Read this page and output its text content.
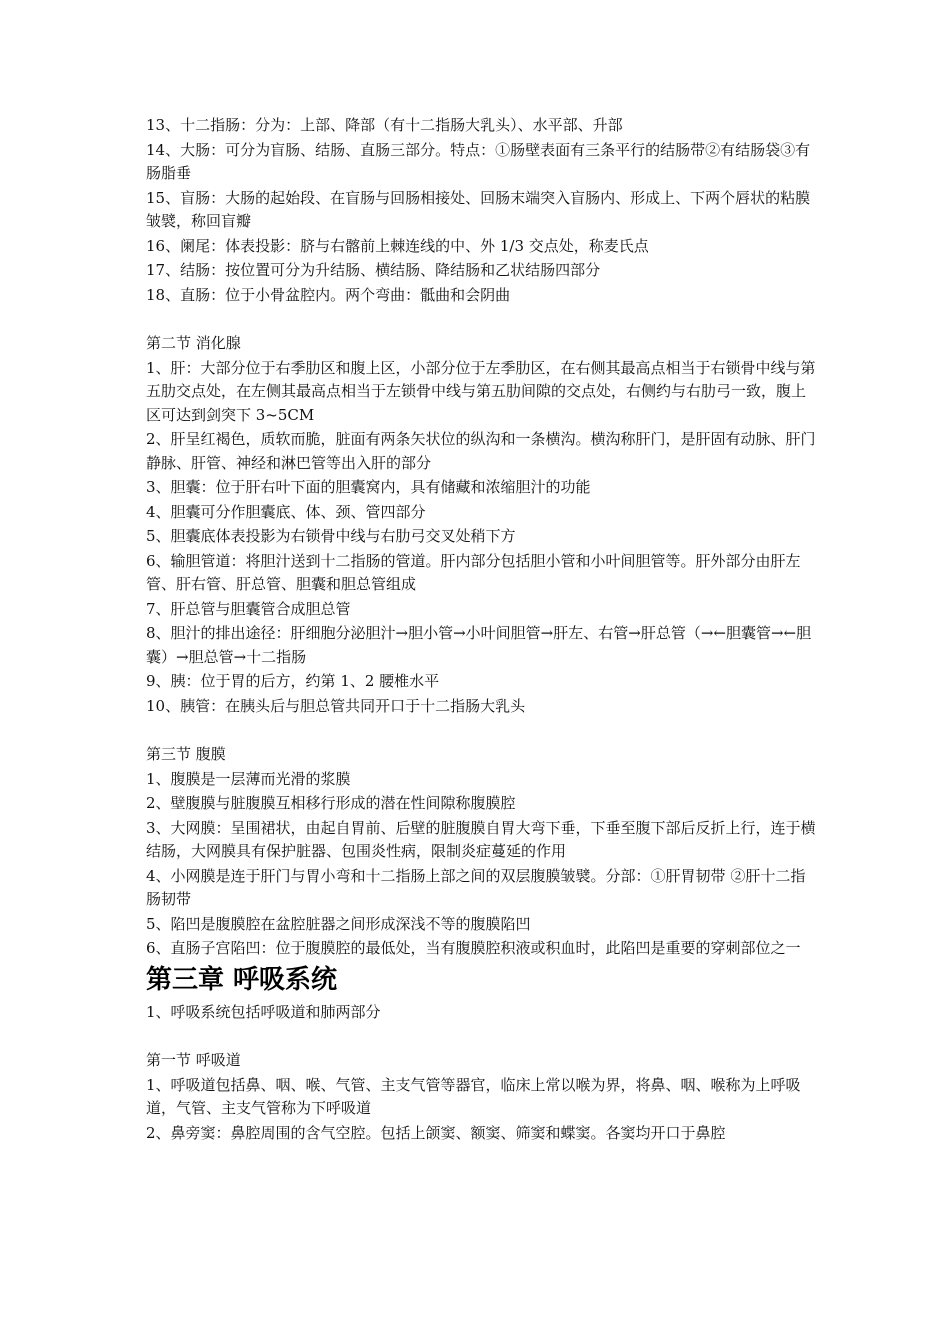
13、十二指肠：分为：上部、降部（有十二指肠大乳头）、水平部、升部

14、大肠：可分为盲肠、结肠、直肠三部分。特点：①肠壁表面有三条平行的结肠带②有结肠袋③有肠脂垂

15、盲肠：大肠的起始段、在盲肠与回肠相接处、回肠末端突入盲肠内、形成上、下两个唇状的粘膜皱襞，称回盲瓣

16、阑尾：体表投影：脐与右髂前上棘连线的中、外 1/3 交点处，称麦氏点

17、结肠：按位置可分为升结肠、横结肠、降结肠和乙状结肠四部分

18、直肠：位于小骨盆腔内。两个弯曲：骶曲和会阴曲

第二节 消化腺

1、肝：大部分位于右季肋区和腹上区，小部分位于左季肋区，在右侧其最高点相当于右锁骨中线与第五肋交点处，在左侧其最高点相当于左锁骨中线与第五肋间隙的交点处，右侧约与右肋弓一致，腹上区可达到剑突下 3~5CM

2、肝呈红褐色，质软而脆，脏面有两条矢状位的纵沟和一条横沟。横沟称肝门，是肝固有动脉、肝门静脉、肝管、神经和淋巴管等出入肝的部分

3、胆囊：位于肝右叶下面的胆囊窝内，具有储藏和浓缩胆汁的功能

4、胆囊可分作胆囊底、体、颈、管四部分

5、胆囊底体表投影为右锁骨中线与右肋弓交叉处稍下方

6、输胆管道：将胆汁送到十二指肠的管道。肝内部分包括胆小管和小叶间胆管等。肝外部分由肝左管、肝右管、肝总管、胆囊和胆总管组成

7、肝总管与胆囊管合成胆总管

8、胆汁的排出途径：肝细胞分泌胆汁→胆小管→小叶间胆管→肝左、右管→肝总管（→←胆囊管→←胆囊）→胆总管→十二指肠

9、胰：位于胃的后方，约第 1、2 腰椎水平

10、胰管：在胰头后与胆总管共同开口于十二指肠大乳头

第三节 腹膜

1、腹膜是一层薄而光滑的浆膜

2、壁腹膜与脏腹膜互相移行形成的潜在性间隙称腹膜腔

3、大网膜：呈围裙状，由起自胃前、后壁的脏腹膜自胃大弯下垂，下垂至腹下部后反折上行，连于横结肠，大网膜具有保护脏器、包围炎性病，限制炎症蔓延的作用

4、小网膜是连于肝门与胃小弯和十二指肠上部之间的双层腹膜皱襞。分部：①肝胃韧带 ②肝十二指肠韧带

5、陷凹是腹膜腔在盆腔脏器之间形成深浅不等的腹膜陷凹

6、直肠子宫陷凹：位于腹膜腔的最低处，当有腹膜腔积液或积血时，此陷凹是重要的穿刺部位之一

第三章 呼吸系统

1、呼吸系统包括呼吸道和肺两部分

第一节 呼吸道

1、呼吸道包括鼻、咽、喉、气管、主支气管等器官，临床上常以喉为界，将鼻、咽、喉称为上呼吸道，气管、主支气管称为下呼吸道

2、鼻旁窦：鼻腔周围的含气空腔。包括上颌窦、额窦、筛窦和蝶窦。各窦均开口于鼻腔
